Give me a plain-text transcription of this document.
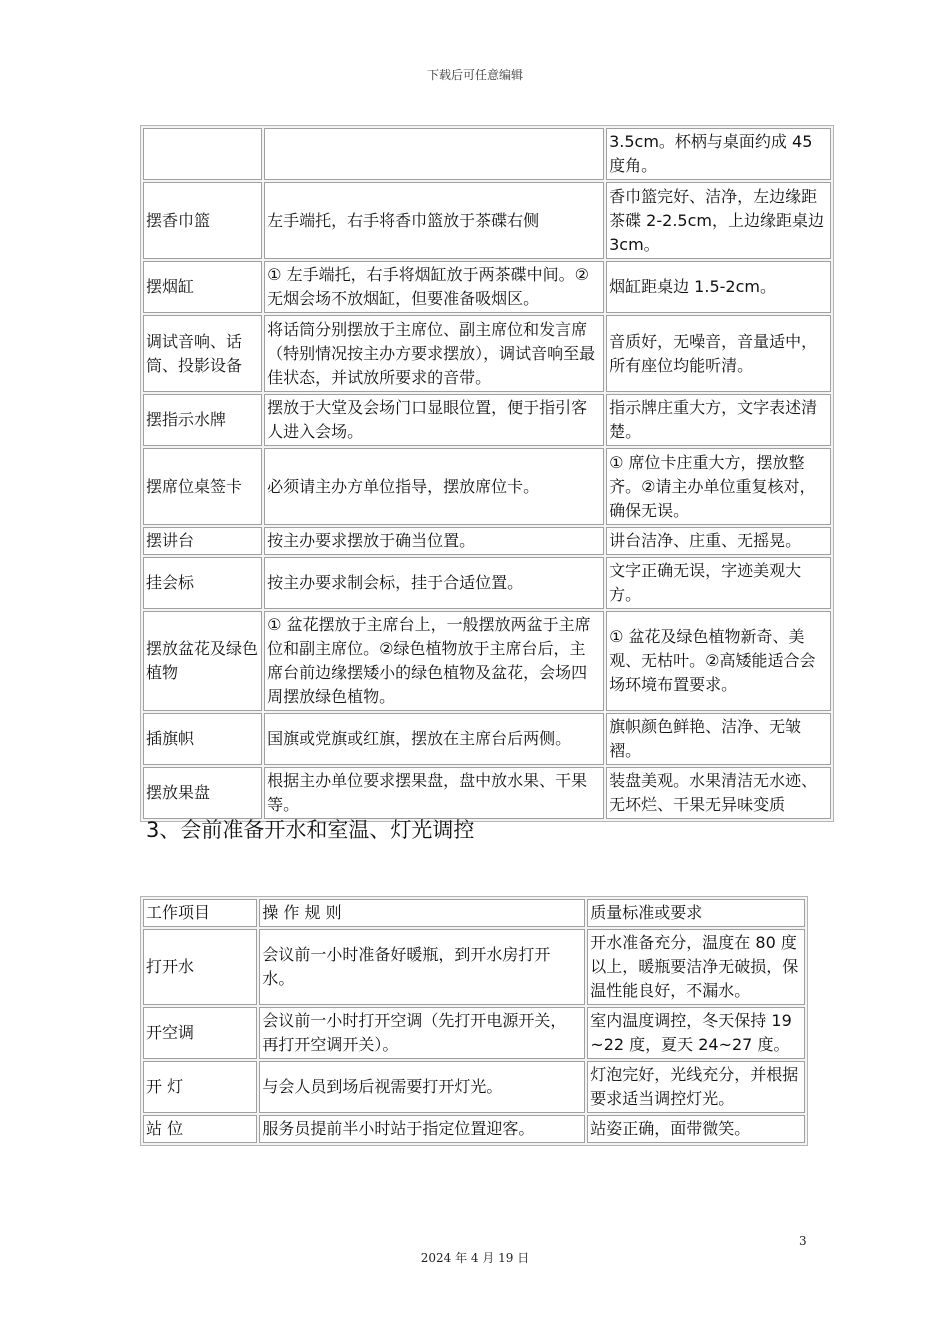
下载后可任意编辑
		3.5cm。杯柄与桌面约成 45 度角。
摆香巾篮	左手端托，右手将香巾篮放于茶碟右侧	香巾篮完好、洁净，左边缘距茶碟 2-2.5cm，上边缘距桌边 3cm。
摆烟缸	① 左手端托，右手将烟缸放于两茶碟中间。②无烟会场不放烟缸，但要准备吸烟区。	烟缸距桌边 1.5-2cm。
调试音响、话筒、投影设备	将话筒分别摆放于主席位、副主席位和发言席（特别情况按主办方要求摆放），调试音响至最佳状态，并试放所要求的音带。	音质好，无噪音，音量适中，所有座位均能听清。
摆指示水牌	摆放于大堂及会场门口显眼位置，便于指引客人进入会场。	指示牌庄重大方，文字表述清楚。
摆席位桌签卡	必须请主办方单位指导，摆放席位卡。	① 席位卡庄重大方，摆放整齐。②请主办单位重复核对，确保无误。
摆讲台	按主办要求摆放于确当位置。	讲台洁净、庄重、无摇晃。
挂会标	按主办要求制会标，挂于合适位置。	文字正确无误，字迹美观大方。
摆放盆花及绿色植物	① 盆花摆放于主席台上，一般摆放两盆于主席位和副主席位。②绿色植物放于主席台后，主席台前边缘摆矮小的绿色植物及盆花，会场四周摆放绿色植物。	① 盆花及绿色植物新奇、美观、无枯叶。②高矮能适合会场环境布置要求。
插旗帜	国旗或党旗或红旗，摆放在主席台后两侧。	旗帜颜色鲜艳、洁净、无皱褶。
摆放果盘	根据主办单位要求摆果盘，盘中放水果、干果等。	装盘美观。水果清洁无水迹、无坏烂、干果无异味变质
3、会前准备开水和室温、灯光调控
工作项目	操 作 规 则	质量标准或要求
打开水	会议前一小时准备好暖瓶，到开水房打开水。	开水准备充分，温度在 80 度以上，暖瓶要洁净无破损，保温性能良好，不漏水。
开空调	会议前一小时打开空调（先打开电源开关，再打开空调开关）。	室内温度调控，冬天保持 19~22 度，夏天 24~27 度。
开 灯	与会人员到场后视需要打开灯光。	灯泡完好，光线充分，并根据要求适当调控灯光。
站 位	服务员提前半小时站于指定位置迎客。	站姿正确，面带微笑。
3
2024 年 4 月 19 日
